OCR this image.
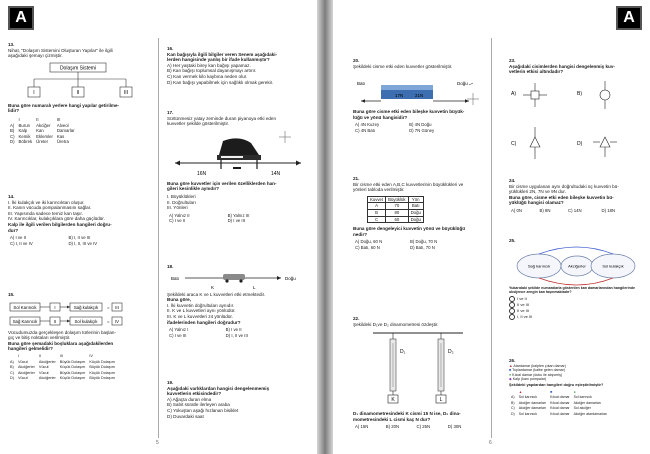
A
13.
Nihat, "Dolaşım Sistemini Oluşturan Yapılar" ile ilgili
aşağıdaki şemayı çizmiştir.
Dolaşım Sistemi
I	II	III
Buna göre numaralı yerlere hangi yapılar getirilme-
lidir?
	I	II	III
A)	Burun	Akciğer	Alveol
B)	Kalp	Kan	Damarlar
C)	Kemik	Eklemler	Kas
D)	Böbrek	Üreter	Üretra
14.
I. İki kulakçık ve iki karıncıktan oluşur.
II. Kanın vücuda pompalanmasını sağlar.
III. Yapısında sadece temiz kan taşır.
IV. Karıncıklar, kulakçıklara göre daha güçlüdür.
Kalp ile ilgili verilen bilgilerden hangileri doğru-
dur?
A) I ve II	B) I, II ve III
C) I, II ve IV	D) I, II, III ve IV
15.
Sol Karıncık	I	Sağ kulakçık = III
Sağ Karıncık	II	Sol kulakçık = IV
Vücudumuzda gerçekleşen dolaşım türlerinin başlan-
gıç ve bitiş noktaları verilmiştir.
Buna göre şemadaki boşluklara aşağıdakilerden
hangileri gelmelidir?
	I	II	III	IV
A)	Vücut	Akciğerler	Büyük Dolaşım	Küçük Dolaşım
B)	Akciğerler	Vücut	Küçük Dolaşım	Büyük Dolaşım
C)	Akciğerler	Vücut	Büyük Dolaşım	Küçük Dolaşım
D)	Vücut	Akciğerler	Küçük Dolaşım	Büyük Dolaşım
16.
Kan bağışıyla ilgili bilgiler veren Senem aşağıdaki-
lerden hangisinde yanlış bir ifade kullanmıştır?
A) Her yaştaki birey kan bağışı yapamaz.
B) Kan bağışı toplumsal dayanışmayı artırır.
C) Kan vermek kilo kaybına neden olur.
D) Kan bağışı yapabilmek için sağlıklı olmak gerekir.
17.
Sürtünmesiz yatay zeminde duran piyanoya etki eden
kuvvetler şekilde gösterilmiştir.
16N	14N
Buna göre kuvvetler için verilen özelliklerden han-
gileri kesinlikle aynıdır?
I. Büyüklükleri
II. Doğrultuları
III. Yönleri
A) Yalnız II	B) Yalnız III
C) I ve II	D) I ve III
18.
Batı	Doğu
K	L
Şekildeki araca K ve L kuvvetleri etki etmektedir.
Buna göre,
I. İki kuvvetin doğrultuları aynıdır.
II. K ve L kuvvetleri aynı yönlüdür.
III. K ve L kuvvetleri zıt yönlüdür.
ifadelerinden hangileri doğrudur?
A) Yalnız I	B) I ve II
C) I ve III	D) I, II ve III
19.
Aşağıdaki varlıklardan hangisi dengelenmemiş
kuvvetlerin etkisindedir?
A) Ağaçta duran elma
B) Sabit süratle ilerleyen araba
C) Yokuştan aşağı hızlanan bisiklet
D) Duvardaki saat
5
A
20.
Şekildeki cisme etki eden kuvvetler gösterilmiştir.
Batı	Doğu
17N	21N
Buna göre cisme etki eden bileşke kuvvetin büyük-
lüğü ve yönü hangisidir?
A) 4N Kuzey	B) 4N Doğu
C) 4N Batı	D) 7N Güney
21.
Bir cisme etki eden A,B,C kuvvetlerinin büyüklükleri ve
yönleri tabloda verilmiştir.
Kuvvet	Büyüklük	Yön
A	70	Batı
B	80	Doğu
C	60	Doğu
Buna göre dengeleyici kuvvetin yönü ve büyüklüğü
nedir?
A) Doğu, 60 N	B) Doğu, 70 N
C) Batı, 60 N	D) Batı, 70 N
22.
Şekildeki D₁ve D₂ dinamometresi özdeştir.
D₁	D₂
K	L
D₁ dinamometresindeki K cismi 15 N ise, D₂ dina-
mometresindeki L cismi kaç N dur?
A) 15N	B) 20N	C) 25N	D) 30N
23.
Aşağıdaki cisimlerden hangisi dengelenmiş kuv-
vetlerin etkisi altındadır?
A)	B)
C)	D)
24.
Bir cisme uygulanan aynı doğrultudaki üç kuvvetin bü-
yüklükleri 2N, 7N ve 9N dur.
Buna göre, cisme etki eden bileşke kuvvetin bü-
yüklüğü hangisi olamaz?
A) 0N	B) 8N	C) 14N	D) 18N
25.
Sağ karıncık	Akciğerler	Sol kulakçık
Yukarıdaki şekilde numaralarla gösterilen kan damarlarından hangilerinde
oksijence zengin kan taşınmaktadır?
I ve II
II ve III
II ve III
I, II ve III
26.
▲ Atardamar (kalpten çıkan damar)
■ Toplardamar (kalbe gelen damar)
● Kılcal damar (doku ile alışveriş)
◆ Kalp (kanı pompalar)
Şekildeki yapılardan hangileri doğru eşleştirilmiştir?
	▲	■	●
A)	Sol karıncık	Kılcal damar	Sol karıncık
B)	Akciğer damarları	Kılcal damar	Akciğer damarları
C)	Akciğer damarları	Kılcal damar	Sol akciğer
D)	Sol karıncık	Kılcal damar	Akciğer atardamarları
6
